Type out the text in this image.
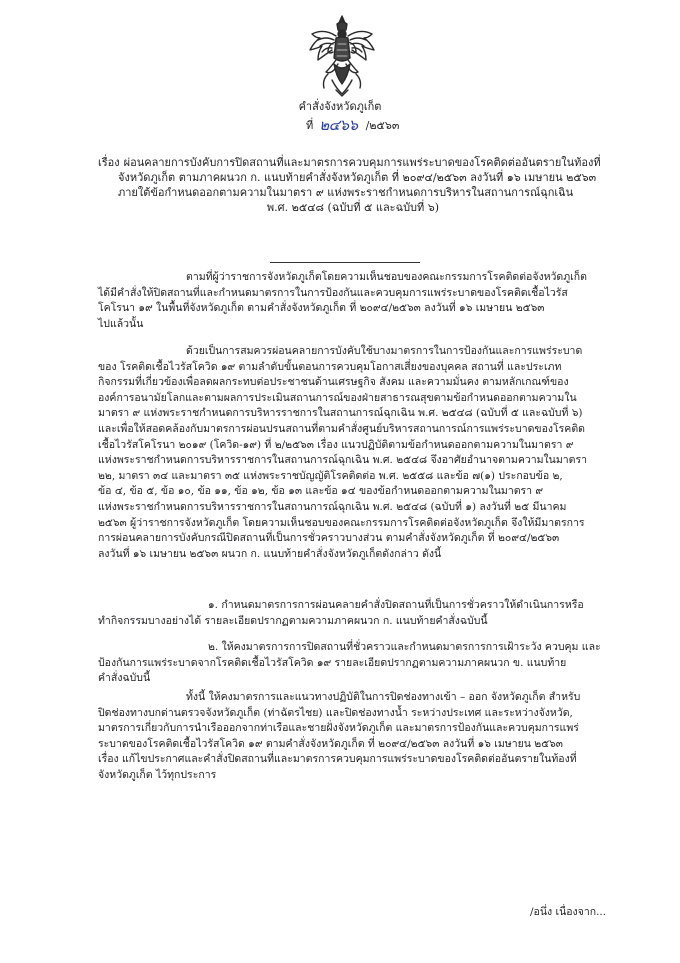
คำสั่งจังหวัดภูเก็ต
ที่ ๒๔๖๖ /๒๕๖๓
เรื่อง ผ่อนคลายการบังคับการปิดสถานที่และมาตรการควบคุมการแพร่ระบาดของโรคติดต่ออันตรายในท้องที่
จังหวัดภูเก็ต ตามภาคผนวก ก. แนบท้ายคำสั่งจังหวัดภูเก็ต ที่ ๒๐๙๔/๒๕๖๓ ลงวันที่ ๑๖ เมษายน ๒๕๖๓
ภายใต้ข้อกำหนดออกตามความในมาตรา ๙ แห่งพระราชกำหนดการบริหารในสถานการณ์ฉุกเฉิน
พ.ศ. ๒๕๔๘ (ฉบับที่ ๕ และฉบับที่ ๖)
ตามที่ผู้ว่าราชการจังหวัดภูเก็ตโดยความเห็นชอบของคณะกรรมการโรคติดต่อจังหวัดภูเก็ต
ได้มีคำสั่งให้ปิดสถานที่และกำหนดมาตรการในการป้องกันและควบคุมการแพร่ระบาดของโรคติดเชื้อไวรัส
โคโรนา ๑๙ ในพื้นที่จังหวัดภูเก็ต ตามคำสั่งจังหวัดภูเก็ต ที่ ๒๐๙๔/๒๕๖๓ ลงวันที่ ๑๖ เมษายน ๒๕๖๓
ไปแล้วนั้น
ด้วยเป็นการสมควรผ่อนคลายการบังคับใช้บางมาตรการในการป้องกันและการแพร่ระบาด
ของ โรคติดเชื้อไวรัสโควิด ๑๙ ตามลำดับขั้นตอนการควบคุมโอกาสเสี่ยงของบุคคล สถานที่ และประเภท
กิจกรรมที่เกี่ยวข้องเพื่อลดผลกระทบต่อประชาชนด้านเศรษฐกิจ สังคม และความมั่นคง ตามหลักเกณฑ์ของ
องค์การอนามัยโลกและตามผลการประเมินสถานการณ์ของฝ่ายสาธารณสุขตามข้อกำหนดออกตามความใน
มาตรา ๙ แห่งพระราชกำหนดการบริหารราชการในสถานการณ์ฉุกเฉิน พ.ศ. ๒๕๔๘ (ฉบับที่ ๕ และฉบับที่ ๖)
และเพื่อให้สอดคล้องกับมาตรการผ่อนปรนสถานที่ตามคำสั่งศูนย์บริหารสถานการณ์การแพร่ระบาดของโรคติด
เชื้อไวรัสโคโรนา ๒๐๑๙ (โควิด-๑๙) ที่ ๒/๒๕๖๓ เรื่อง แนวปฏิบัติตามข้อกำหนดออกตามความในมาตรา ๙
แห่งพระราชกำหนดการบริหารราชการในสถานการณ์ฉุกเฉิน พ.ศ. ๒๕๔๘ จึงอาศัยอำนาจตามความในมาตรา
๒๒, มาตรา ๓๔ และมาตรา ๓๕ แห่งพระราชบัญญัติโรคติดต่อ พ.ศ. ๒๕๕๘ และข้อ ๗(๑) ประกอบข้อ ๒,
ข้อ ๔, ข้อ ๕, ข้อ ๑๐, ข้อ ๑๑, ข้อ ๑๒, ข้อ ๑๓ และข้อ ๑๔ ของข้อกำหนดออกตามความในมาตรา ๙
แห่งพระราชกำหนดการบริหารราชการในสถานการณ์ฉุกเฉิน พ.ศ. ๒๕๔๘ (ฉบับที่ ๑) ลงวันที่ ๒๕ มีนาคม
๒๕๖๓ ผู้ว่าราชการจังหวัดภูเก็ต โดยความเห็นชอบของคณะกรรมการโรคติดต่อจังหวัดภูเก็ต จึงให้มีมาตรการ
การผ่อนคลายการบังคับกรณีปิดสถานที่เป็นการชั่วคราวบางส่วน ตามคำสั่งจังหวัดภูเก็ต ที่ ๒๐๙๔/๒๕๖๓
ลงวันที่ ๑๖ เมษายน ๒๕๖๓ ผนวก ก. แนบท้ายคำสั่งจังหวัดภูเก็ตดังกล่าว ดังนี้
๑. กำหนดมาตรการการผ่อนคลายคำสั่งปิดสถานที่เป็นการชั่วคราวให้ดำเนินการหรือ
ทำกิจกรรมบางอย่างได้ รายละเอียดปรากฏตามความภาคผนวก ก. แนบท้ายคำสั่งฉบับนี้
๒. ให้คงมาตรการการปิดสถานที่ชั่วคราวและกำหนดมาตรการการเฝ้าระวัง ควบคุม และ
ป้องกันการแพร่ระบาดจากโรคติดเชื้อไวรัสโควิด ๑๙ รายละเอียดปรากฏตามความภาคผนวก ข. แนบท้าย
คำสั่งฉบับนี้
ทั้งนี้ ให้คงมาตรการและแนวทางปฏิบัติในการปิดช่องทางเข้า – ออก จังหวัดภูเก็ต สำหรับ
ปิดช่องทางบกด่านตรวจจังหวัดภูเก็ต (ท่าฉัตรไชย) และปิดช่องทางน้ำ ระหว่างประเทศ และระหว่างจังหวัด,
มาตรการเกี่ยวกับการนำเรือออกจากท่าเรือและชายฝั่งจังหวัดภูเก็ต และมาตรการป้องกันและควบคุมการแพร่
ระบาดของโรคติดเชื้อไวรัสโควิด ๑๙ ตามคำสั่งจังหวัดภูเก็ต ที่ ๒๐๙๔/๒๕๖๓ ลงวันที่ ๑๖ เมษายน ๒๕๖๓
เรื่อง แก้ไขประกาศและคำสั่งปิดสถานที่และมาตรการควบคุมการแพร่ระบาดของโรคติดต่ออันตรายในท้องที่
จังหวัดภูเก็ต ไว้ทุกประการ
/อนึ่ง เนื่องจาก...
